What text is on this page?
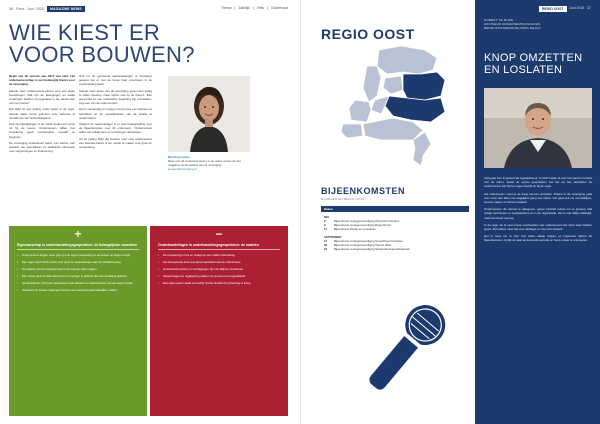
36 Fiets Juni 2018	MAGAZINE NEWS	Thema | Zakelijk | Fiets | Onderhoud
WIE KIEST ER VOOR BOUWEN?

Begin van dit seizoen was 2017 van start. Het ondernemerschap is een belangrijk thema voor de vereniging.

Steeds meer ondernemers kiezen voor een eigen bouwproject. Wat zijn de afwegingen en welke ervaringen hebben zij opgedaan in de eerste fase van het proces?

Dat blijkt uit een peiling onder leden in de regio. Steeds vaker wordt gekozen voor verbouw of nieuwbouw van het bedrijfspand.

Ook de prijsstijgingen in de markt spelen een grote rol bij de keuze. Ondernemers willen hun investering goed voorbereiden voordat ze beginnen.

De vereniging ondersteunt leden met advies, een netwerk van specialisten en praktische informatie over vergunningen en financiering.

Ook na de gemeente aanbestedingen is 'bouwkop' geleerd dat er met de bouw haar ervaringen in de voorbereiding deelt.

Steeds meer leden van de vereniging geven aan graag te willen bouwen, maar wijzen ook op de risico's. 'Een goed plan en een realistische begroting zijn onmisbaar,' zegt een van de ondernemers.

Het is verstandig om vroeg in het proces een adviseur te betrekken en de mogelijkheden van de locatie te onderzoeken.

Volgens de regiomanager is er veel belangstelling voor de bijeenkomsten over dit onderwerp. 'Ondernemers willen van elkaar leren en ervaringen uitwisselen.'

Uit de peiling blijkt dat bouwen voor veel ondernemers een bewuste keuze is om ruimte te maken voor groei en vernieuwing.

Mira Koprowska
Meer over dit onderwerp leest u in de online versie van het magazine op de website van de vereniging.
bouwen@vereniging.nl
+
Eigenaarschap in onderhandelingsgesprekken: de belangrijkste voordelen
• Ondernemers krijgen meer grip op hun eigen huisvesting en de kosten op lange termijn.
• Een eigen pand biedt ruimte voor groei en aanpassingen aan de bedrijfsvoering.
• De waarde van het vastgoed kan in de loop der jaren stijgen.
• Een nieuw pand is vaak duurzamer en zuiniger in gebruik dan een bestaand gebouw.
• Het bedrijf kan zich beter presenteren aan klanten en medewerkers met een eigen locatie.
• Subsidies en fiscale regelingen kunnen de investering aantrekkelijker maken.
−
Onderhandelingen in onderhandelingsgesprekken: de nadelen
• De investering is fors en vraagt om een solide financiering.
• Het bouwproces kost veel tijd en aandacht van de ondernemer.
• Onverwachte kosten en vertragingen zijn niet altijd te voorkomen.
• Vergunningen en regelgeving maken het proces soms ingewikkeld.
• Een eigen pand maakt het bedrijf minder flexibel bij verhuizing of krimp.
REGIO OOST
BIJEENKOMSTEN
NOORDEN EN REGIO OOST
Datum
MEI
2	Bijeenkomst vertegenwoordiging Zuid-Oost Vrienden
3	Bijeenkomst vertegenwoordiging Regio Noord
11	Bijeenkomst Zwolle en omstreken
SEPTEMBER
17	Bijeenkomst vertegenwoordiging Noord/Oost Overijssel
20	Bijeenkomst vertegenwoordiging Twente West
21	Bijeenkomst vertegenwoordiging Stedendriehoek Achterhoek
REGIO OOST	Juni 2018 37
ROBERT TE RIJKE
ADVISEUR ONDERNEMINGSZAKEN
BEDRIJFSONDERSTEUNING REGIO
KNOP OMZETTEN EN LOSLATEN

Vorig jaar ben ik gestart als regioadviseur. In 2017 kwam ik voor het eerst in contact met de leden. Vanaf de eerste gesprekken viel het op hoe betrokken de ondernemers zijn bij hun eigen bedrijf en bij de regio.

Als ondernemer moet je de knop kunnen omzetten. Praten in de vereniging gaat over meer dan alleen de dagelijkse gang van zaken. Het gaat ook om vooruitkijken, keuzes maken en durven loslaten.

Ondernemers die durven te delegeren, geven zichzelf ruimte om te groeien. Dat vraagt vertrouwen in medewerkers en in de organisatie. Het is niet altijd makkelijk, maar het levert veel op.

In de regio zie ik veel mooie voorbeelden van ondernemers die deze stap hebben gezet. Zij hebben meer tijd voor strategie en voor het netwerk.

Het is mooi om te zien hoe leden elkaar helpen en inspireren tijdens de bijeenkomsten. Ik kijk uit naar de komende periode en hoop u daar te ontmoeten.
